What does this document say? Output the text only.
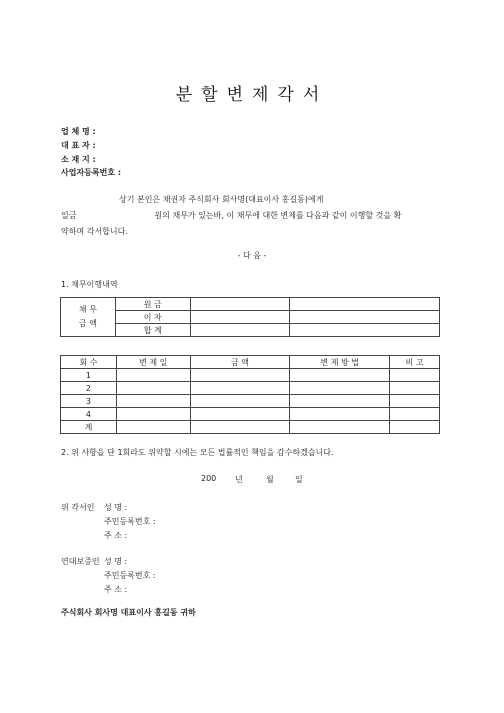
분할변제각서
업 체 명 :
대 표 자 :
소 재 지 :
사업자등록번호 :
상기 본인은 채권자 주식회사 회사명(대표이사 홍길동)에게
일금	원의 채무가 있는바, 이 채무에 대한 변제를 다음과 같이 이행할 것을 확
약하며 각서합니다.
- 다 음 -
1. 채무이행내역
채 무
금 액	원 금		
	이 자		
	합 계		
회 수	변 제 일	금 액	변 제 방 법	비 고
1				
2				
3				
4				
계				
2. 위 사항을 단 1회라도 위약할 시에는 모든 법률적인 책임을 감수하겠습니다.
200 년	월	일
위 각서인 성 명 :
주민등록번호 :
주 소 :
연대보증인 성 명 :
주민등록번호 :
주 소 :
주식회사 회사명 대표이사 홍길동 귀하
